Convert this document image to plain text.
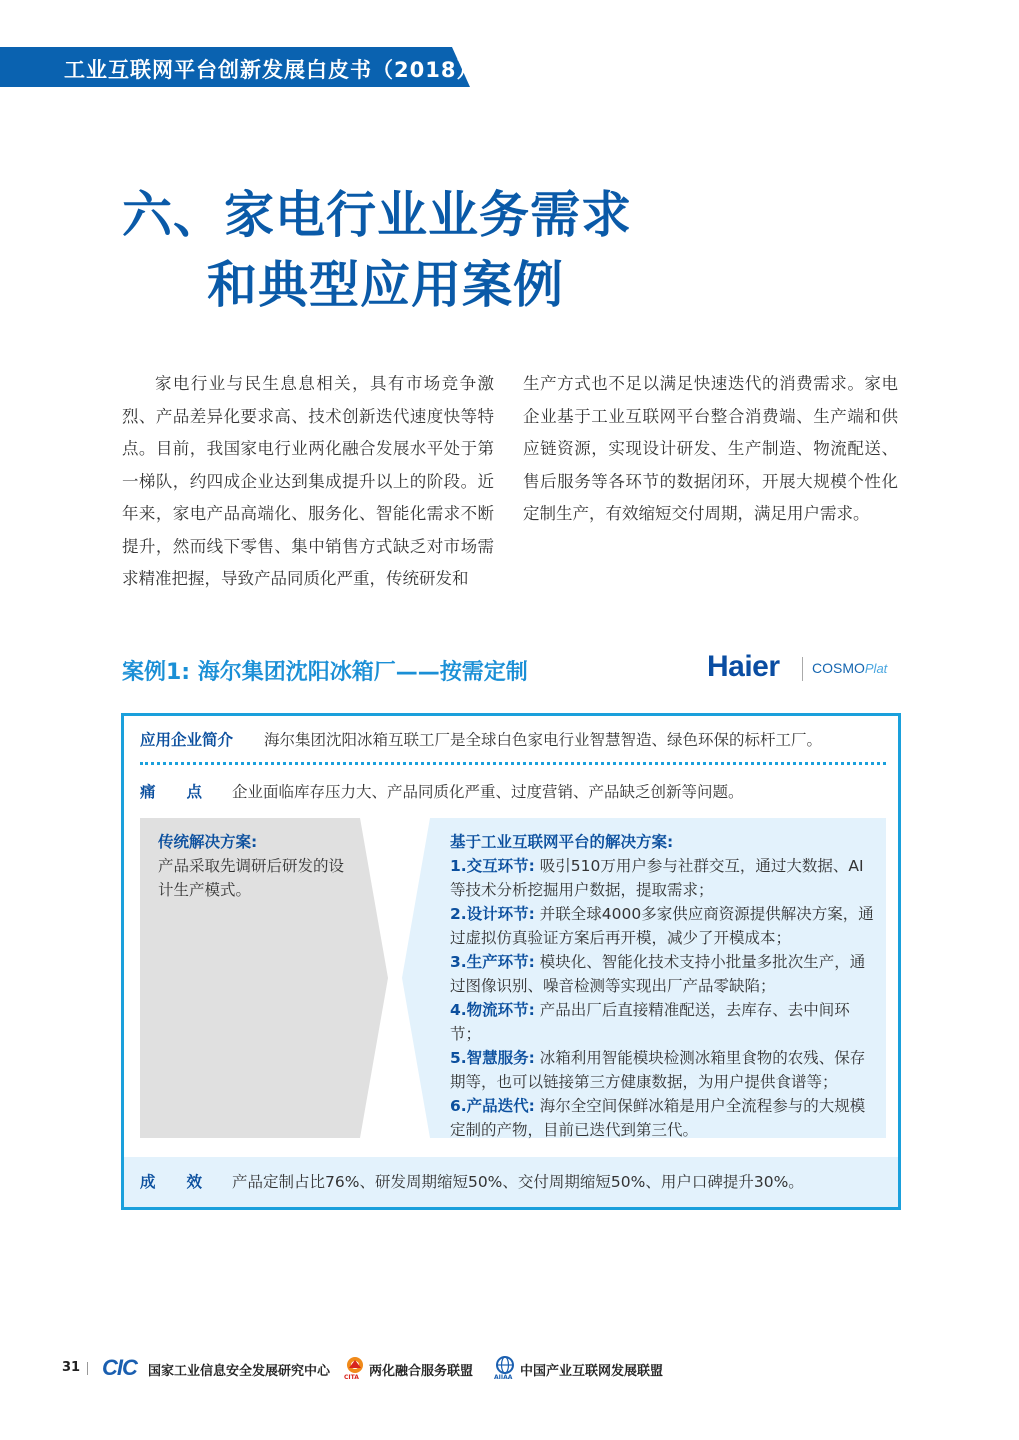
工业互联网平台创新发展白皮书（2018）
六、家电行业业务需求
和典型应用案例

家电行业与民生息息相关，具有市场竞争激烈、产品差异化要求高、技术创新迭代速度快等特点。目前，我国家电行业两化融合发展水平处于第一梯队，约四成企业达到集成提升以上的阶段。近年来，家电产品高端化、服务化、智能化需求不断提升，然而线下零售、集中销售方式缺乏对市场需求精准把握，导致产品同质化严重，传统研发和

生产方式也不足以满足快速迭代的消费需求。家电企业基于工业互联网平台整合消费端、生产端和供应链资源，实现设计研发、生产制造、物流配送、售后服务等各环节的数据闭环，开展大规模个性化定制生产，有效缩短交付周期，满足用户需求。

案例1: 海尔集团沈阳冰箱厂——按需定制	Haier COSMOPlat
应用企业简介 海尔集团沈阳冰箱互联工厂是全球白色家电行业智慧智造、绿色环保的标杆工厂。
痛　　点 企业面临库存压力大、产品同质化严重、过度营销、产品缺乏创新等问题。
传统解决方案:
产品采取先调研后研发的设计生产模式。
基于工业互联网平台的解决方案:
1.交互环节: 吸引510万用户参与社群交互，通过大数据、AI等技术分析挖掘用户数据，提取需求；
2.设计环节: 并联全球4000多家供应商资源提供解决方案，通过虚拟仿真验证方案后再开模，减少了开模成本；
3.生产环节: 模块化、智能化技术支持小批量多批次生产，通过图像识别、噪音检测等实现出厂产品零缺陷；
4.物流环节: 产品出厂后直接精准配送，去库存、去中间环节；
5.智慧服务: 冰箱利用智能模块检测冰箱里食物的农残、保存期等，也可以链接第三方健康数据，为用户提供食谱等；
6.产品迭代: 海尔全空间保鲜冰箱是用户全流程参与的大规模定制的产物，目前已迭代到第三代。
成　　效 产品定制占比76%、研发周期缩短50%、交付周期缩短50%、用户口碑提升30%。
31 CIC 国家工业信息安全发展研究中心 CITA 两化融合服务联盟	AIIAA 中国产业互联网发展联盟
